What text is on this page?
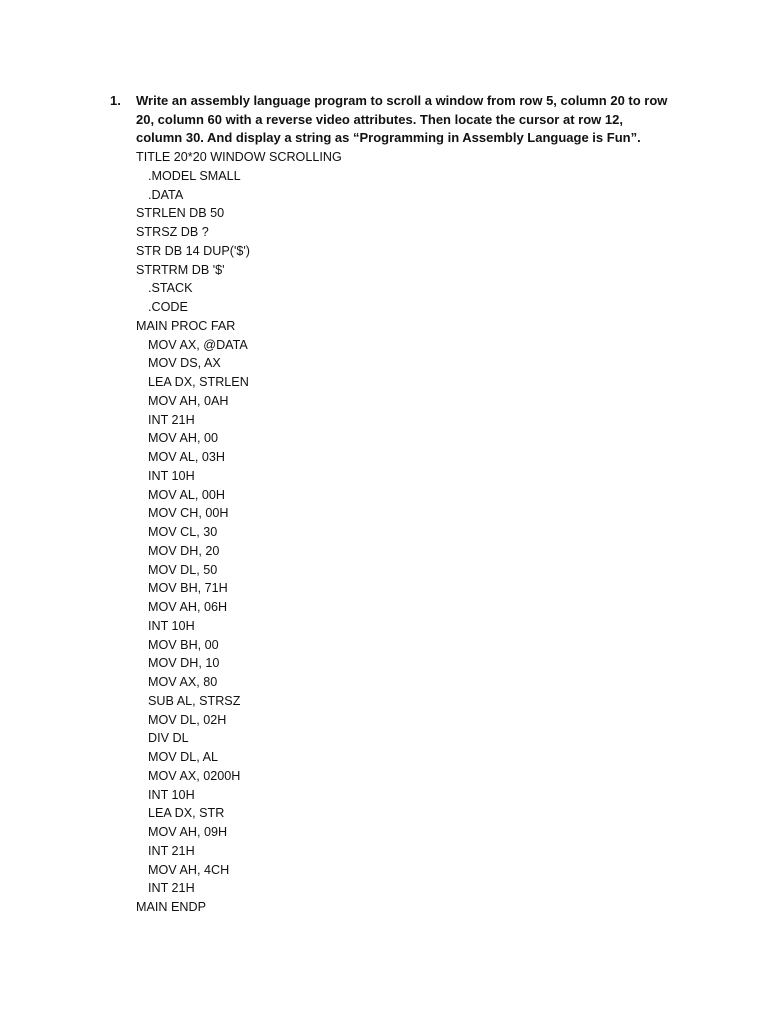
1. Write an assembly language program to scroll a window from row 5, column 20 to row 20, column 60 with a reverse video attributes. Then locate the cursor at row 12, column 30. And display a string as “Programming in Assembly Language is Fun”.
TITLE 20*20 WINDOW SCROLLING
.MODEL SMALL
.DATA
STRLEN DB 50
STRSZ DB ?
STR DB 14 DUP('$')
STRTRM DB '$'
.STACK
.CODE
MAIN PROC FAR
MOV AX, @DATA
MOV DS, AX
LEA DX, STRLEN
MOV AH, 0AH
INT 21H
MOV AH, 00
MOV AL, 03H
INT 10H
MOV AL, 00H
MOV CH, 00H
MOV CL, 30
MOV DH, 20
MOV DL, 50
MOV BH, 71H
MOV AH, 06H
INT 10H
MOV BH, 00
MOV DH, 10
MOV AX, 80
SUB AL, STRSZ
MOV DL, 02H
DIV DL
MOV DL, AL
MOV AX, 0200H
INT 10H
LEA DX, STR
MOV AH, 09H
INT 21H
MOV AH, 4CH
INT 21H
MAIN ENDP
